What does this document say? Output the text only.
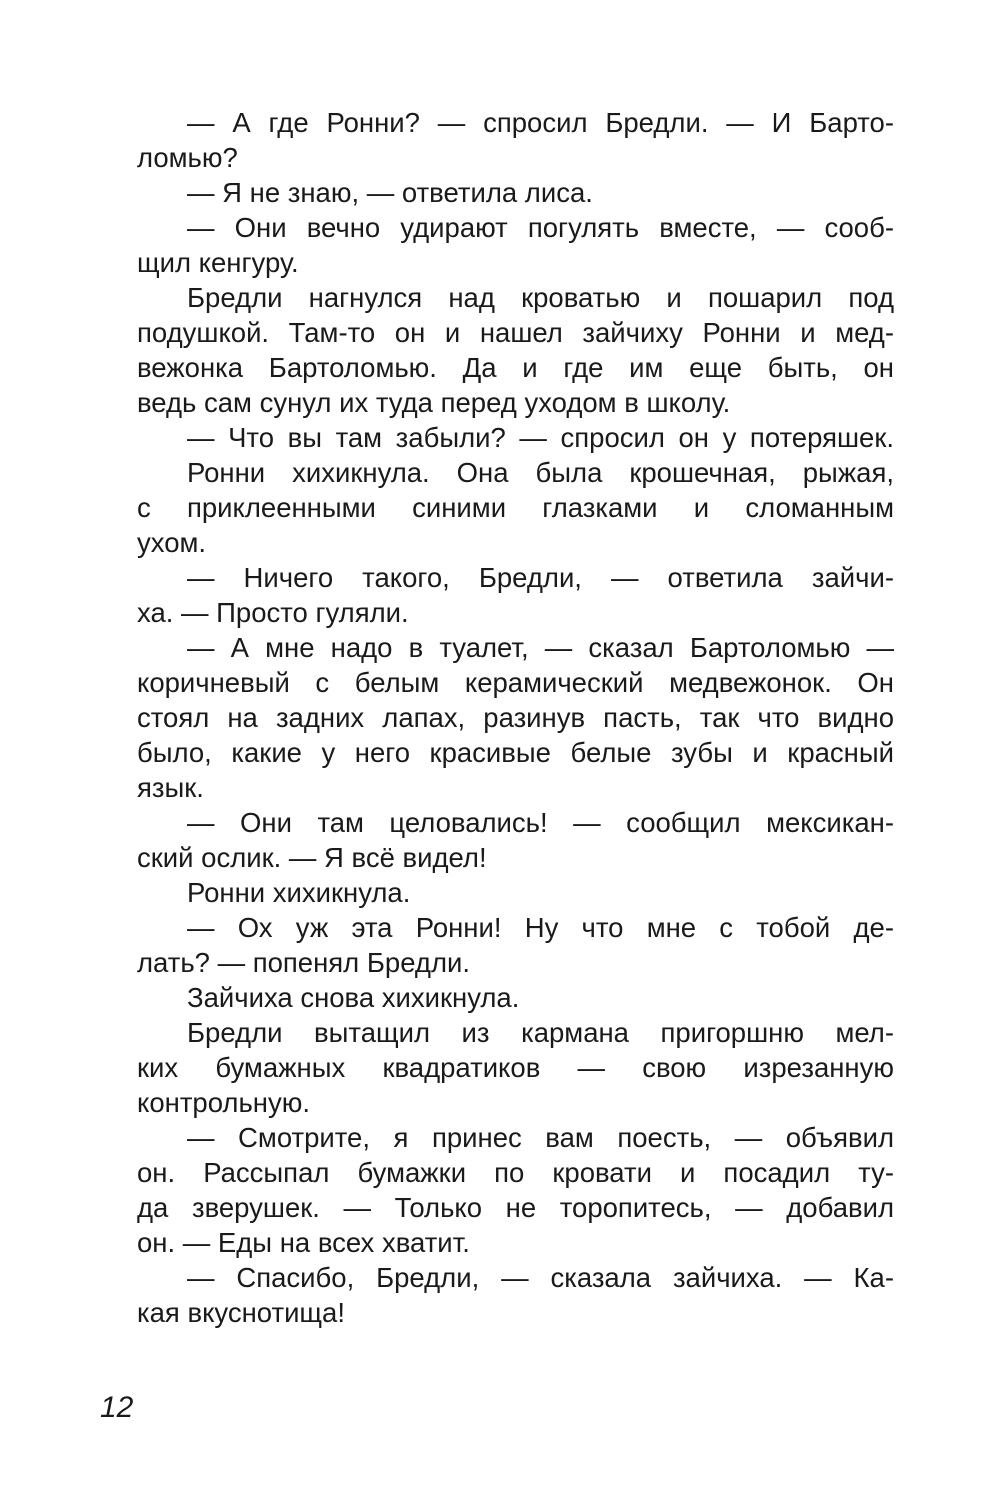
— А где Ронни? — спросил Бредли. — И Барто-
ломью?
— Я не знаю, — ответила лиса.
— Они вечно удирают погулять вместе, — сооб-
щил кенгуру.
Бредли нагнулся над кроватью и пошарил под
подушкой. Там-то он и нашел зайчиху Ронни и мед-
вежонка Бартоломью. Да и где им еще быть, он
ведь сам сунул их туда перед уходом в школу.
— Что вы там забыли? — спросил он у потеряшек.
Ронни хихикнула. Она была крошечная, рыжая,
с приклеенными синими глазками и сломанным
ухом.
— Ничего такого, Бредли, — ответила зайчи-
ха. — Просто гуляли.
— А мне надо в туалет, — сказал Бартоломью —
коричневый с белым керамический медвежонок. Он
стоял на задних лапах, разинув пасть, так что видно
было, какие у него красивые белые зубы и красный
язык.
— Они там целовались! — сообщил мексикан-
ский ослик. — Я всё видел!
Ронни хихикнула.
— Ох уж эта Ронни! Ну что мне с тобой де-
лать? — попенял Бредли.
Зайчиха снова хихикнула.
Бредли вытащил из кармана пригоршню мел-
ких бумажных квадратиков — свою изрезанную
контрольную.
— Смотрите, я принес вам поесть, — объявил
он. Рассыпал бумажки по кровати и посадил ту-
да зверушек. — Только не торопитесь, — добавил
он. — Еды на всех хватит.
— Спасибо, Бредли, — сказала зайчиха. — Ка-
кая вкуснотища!
12
